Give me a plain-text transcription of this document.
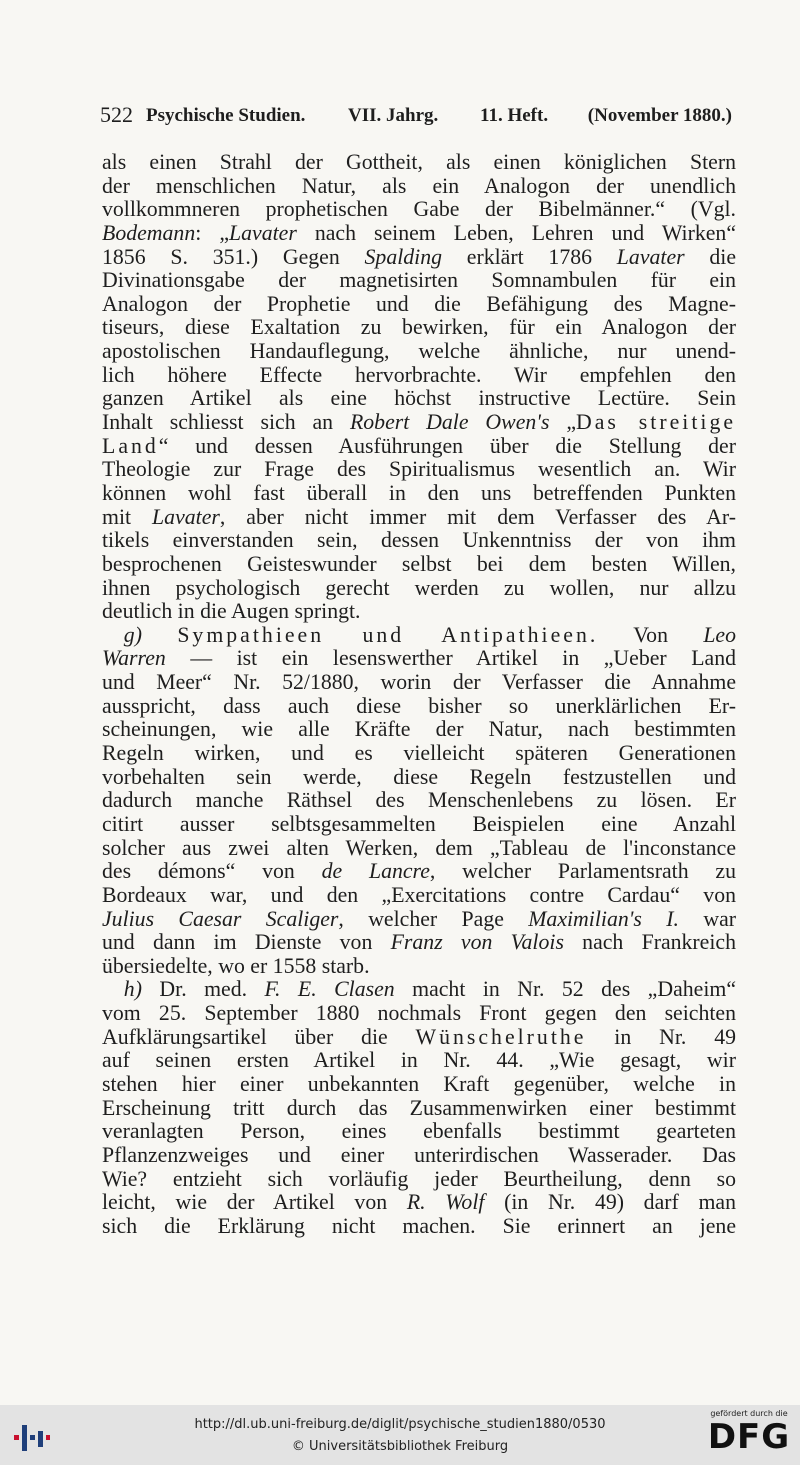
522 Psychische Studien. VII. Jahrg. 11. Heft. (Nov⁠ember 1880.)
als einen Strahl der Gottheit, als einen königlichen Stern
der menschlichen Natur, als ein Analogon der unendlich
vollkommneren prophetischen Gabe der Bibelmänner.“ (Vgl.
Bodemann: „Lavater nach seinem Leben, Lehren und Wirken“
1856 S. 351.) Gegen Spalding erklärt 1786 Lavater die
Divinationsgabe der magnetisirten Somnambulen für ein
Analogon der Prophetie und die Befähigung des Magne-
tiseurs, diese Exaltation zu bewirken, für ein Analogon der
apostolischen Handauflegung, welche ähnliche, nur unend-
lich höhere Effecte hervorbrachte. Wir empfehlen den
ganzen Artikel als eine höchst instructive Lectüre. Sein
Inhalt schliesst sich an Robert Dale Owen's „Das streitige
Land“ und dessen Ausführungen über die Stellung der
Theologie zur Frage des Spiritualismus wesentlich an. Wir
können wohl fast überall in den uns betreffenden Punkten
mit Lavater, aber nicht immer mit dem Verfasser des Ar-
tikels einverstanden sein, dessen Unkenntniss der von ihm
besprochenen Geisteswunder selbst bei dem besten Willen,
ihnen psychologisch gerecht werden zu wollen, nur allzu
deutlich in die Augen springt.
 g) Sympathieen und Antipathieen. Von Leo
Warren — ist ein lesenswerther Artikel in „Ueber Land
und Meer“ Nr. 52/1880, worin der Verfasser die Annahme
ausspricht, dass auch diese bisher so unerklärlichen Er-
scheinungen, wie alle Kräfte der Natur, nach bestimmten
Regeln wirken, und es vielleicht späteren Generationen
vorbehalten sein werde, diese Regeln festzustellen und
dadurch manche Räthsel des Menschenlebens zu lösen. Er
citirt ausser selbtsgesammelten Beispielen eine Anzahl
solcher aus zwei alten Werken, dem „Tableau de l'inconstance
des démons“ von de Lancre, welcher Parlamentsrath zu
Bordeaux war, und den „Exercitations contre Cardau“ von
Julius Caesar Scaliger, welcher Page Maximilian's I. war
und dann im Dienste von Franz von Valois nach Frankreich
übersiedelte, wo er 1558 starb.
 h) Dr. med. F. E. Clasen macht in Nr. 52 des „Daheim“
vom 25. September 1880 nochmals Front gegen den seichten
Aufklärungsartikel über die Wünschelruthe in Nr. 49
auf seinen ersten Artikel in Nr. 44. „Wie gesagt, wir
stehen hier einer unbekannten Kraft gegenüber, welche in
Erscheinung tritt durch das Zusammenwirken einer bestimmt
veranlagten Person, eines ebenfalls bestimmt gearteten
Pflanzenzweiges und einer unterirdischen Wasserader. Das
Wie? entzieht sich vorläufig jeder Beurtheilung, denn so
leicht, wie der Artikel von R. Wolf (in Nr. 49) darf man
sich die Erklärung nicht machen. Sie erinnert an jene
http://dl.ub.uni-freiburg.de/diglit/psychische_studien1880/0530
© Universitätsbibliothek Freiburg
gefördert durch die
DFG
